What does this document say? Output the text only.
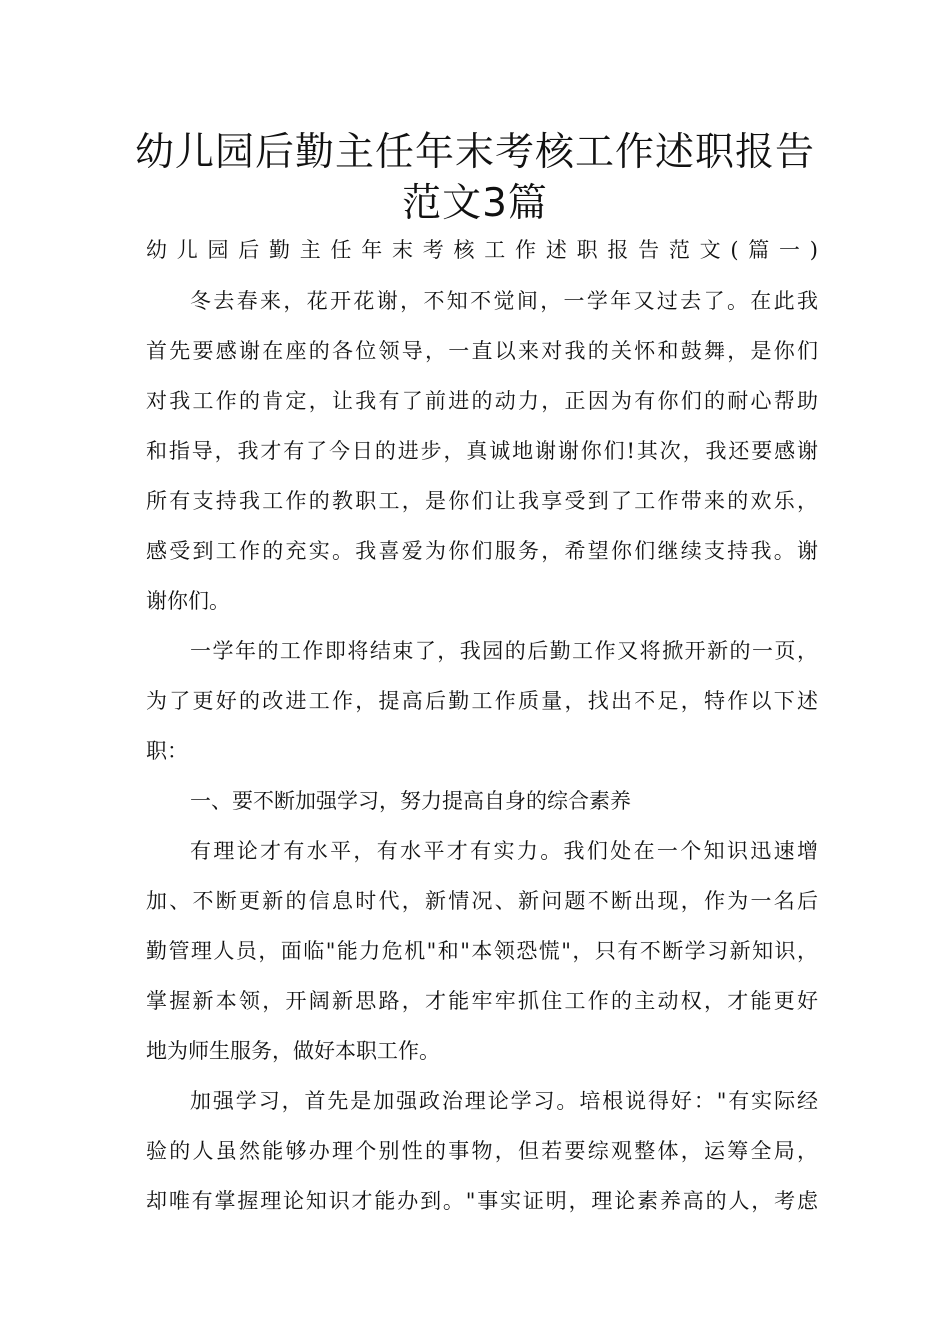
幼儿园后勤主任年末考核工作述职报告
范文3篇
幼儿园后勤主任年末考核工作述职报告范文(篇一)
冬去春来，花开花谢，不知不觉间，一学年又过去了。在此我
首先要感谢在座的各位领导，一直以来对我的关怀和鼓舞，是你们
对我工作的肯定，让我有了前进的动力，正因为有你们的耐心帮助
和指导，我才有了今日的进步，真诚地谢谢你们!其次，我还要感谢
所有支持我工作的教职工，是你们让我享受到了工作带来的欢乐，
感受到工作的充实。我喜爱为你们服务，希望你们继续支持我。谢
谢你们。
一学年的工作即将结束了，我园的后勤工作又将掀开新的一页，
为了更好的改进工作，提高后勤工作质量，找出不足，特作以下述
职：
一、要不断加强学习，努力提高自身的综合素养
有理论才有水平，有水平才有实力。我们处在一个知识迅速增
加、不断更新的信息时代，新情况、新问题不断出现，作为一名后
勤管理人员，面临"能力危机"和"本领恐慌"，只有不断学习新知识，
掌握新本领，开阔新思路，才能牢牢抓住工作的主动权，才能更好
地为师生服务，做好本职工作。
加强学习，首先是加强政治理论学习。培根说得好："有实际经
验的人虽然能够办理个别性的事物，但若要综观整体，运筹全局，
却唯有掌握理论知识才能办到。"事实证明，理论素养高的人，考虑
